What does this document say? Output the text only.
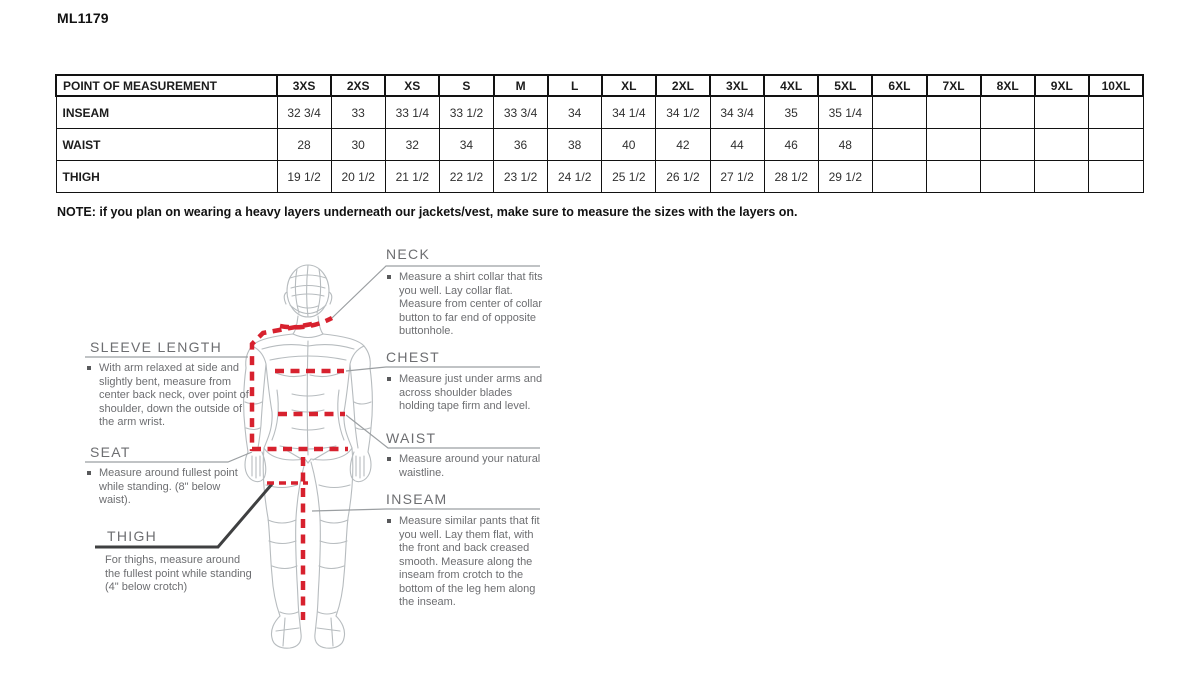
ML1179
POINT OF MEASUREMENT	3XS	2XS	XS	S	M	L	XL	2XL	3XL	4XL	5XL	6XL	7XL	8XL	9XL	10XL
INSEAM	32 3/4	33	33 1/4	33 1/2	33 3/4	34	34 1/4	34 1/2	34 3/4	35	35 1/4					
WAIST	28	30	32	34	36	38	40	42	44	46	48					
THIGH	19 1/2	20 1/2	21 1/2	22 1/2	23 1/2	24 1/2	25 1/2	26 1/2	27 1/2	28 1/2	29 1/2					
NOTE: if you plan on wearing a heavy layers underneath our jackets/vest, make sure to measure the sizes with the layers on.
NECK
Measure a shirt collar that fits you well. Lay collar flat. Measure from center of collar button to far end of opposite buttonhole.
CHEST
Measure just under arms and across shoulder blades holding tape firm and level.
WAIST
Measure around your natural waistline.
INSEAM
Measure similar pants that fit you well. Lay them flat, with the front and back creased smooth. Measure along the inseam from crotch to the bottom of the leg hem along the inseam.
SLEEVE LENGTH
With arm relaxed at side and slightly bent, measure from center back neck, over point of shoulder, down the outside of the arm wrist.
SEAT
Measure around fullest point while standing. (8" below waist).
THIGH
For thighs, measure around the fullest point while standing (4" below crotch)
